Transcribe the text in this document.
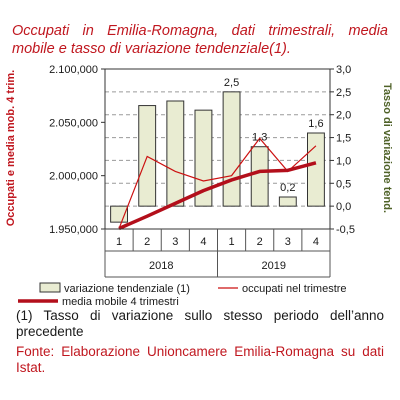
Occupati in Emilia-Romagna, dati trimestrali, media
mobile e tasso di variazione tendenziale(1).
1.950,000
2.000,000
2.050,000
2.100,000
-0,5
0,0
0,5
1,0
1,5
2,0
2,5
3,0
2,5
1,3
0,2
1,6
1 2 3 4 1 2 3 4
2018	2019
Occupati e media mob. 4 trim.	Tasso di variazione tend.
variazione tendenziale (1)	occupati nel trimestre
media mobile 4 trimestri
(1) Tasso di variazione sullo stesso periodo dell’anno precedente
Fonte: Elaborazione Unioncamere Emilia-Romagna su dati Istat.
